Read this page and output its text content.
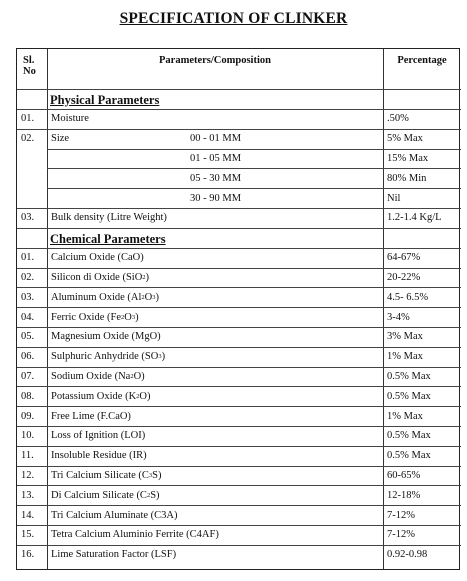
SPECIFICATION OF CLINKER
Sl.
No
Parameters/Composition	Percentage
Physical Parameters
01.	Moisture	.50%
02.	Size	00 - 01 MM	5% Max
01 - 05 MM	15% Max
05 - 30 MM	80% Min
30 - 90 MM	Nil
03.	Bulk density (Litre Weight)	1.2-1.4 Kg/L
Chemical Parameters
01.	Calcium Oxide (CaO)	64-67%
02.	Silicon di Oxide (SiO 2 )	20-22%
03.	Aluminum Oxide (Al 2 O 3 )	4.5- 6.5%
04.	Ferric Oxide (Fe 2 O 3 )	3-4%
05.	Magnesium Oxide (MgO)	3% Max
06.	Sulphuric Anhydride (SO 3 )	1% Max
07.	Sodium Oxide (Na 2 O)	0.5% Max
08.	Potassium Oxide (K 2 O)	0.5% Max
09.	Free Lime (F.CaO)	1% Max
10.	Loss of Ignition (LOI)	0.5% Max
11.	Insoluble Residue (IR)	0.5% Max
12.	Tri Calcium Silicate (C 3 S)	60-65%
13.	Di Calcium Silicate (C 2 S)	12-18%
14.	Tri Calcium Aluminate (C3A)	7-12%
15.	Tetra Calcium Aluminio Ferrite (C4AF)	7-12%
16.	Lime Saturation Factor (LSF)	0.92-0.98
